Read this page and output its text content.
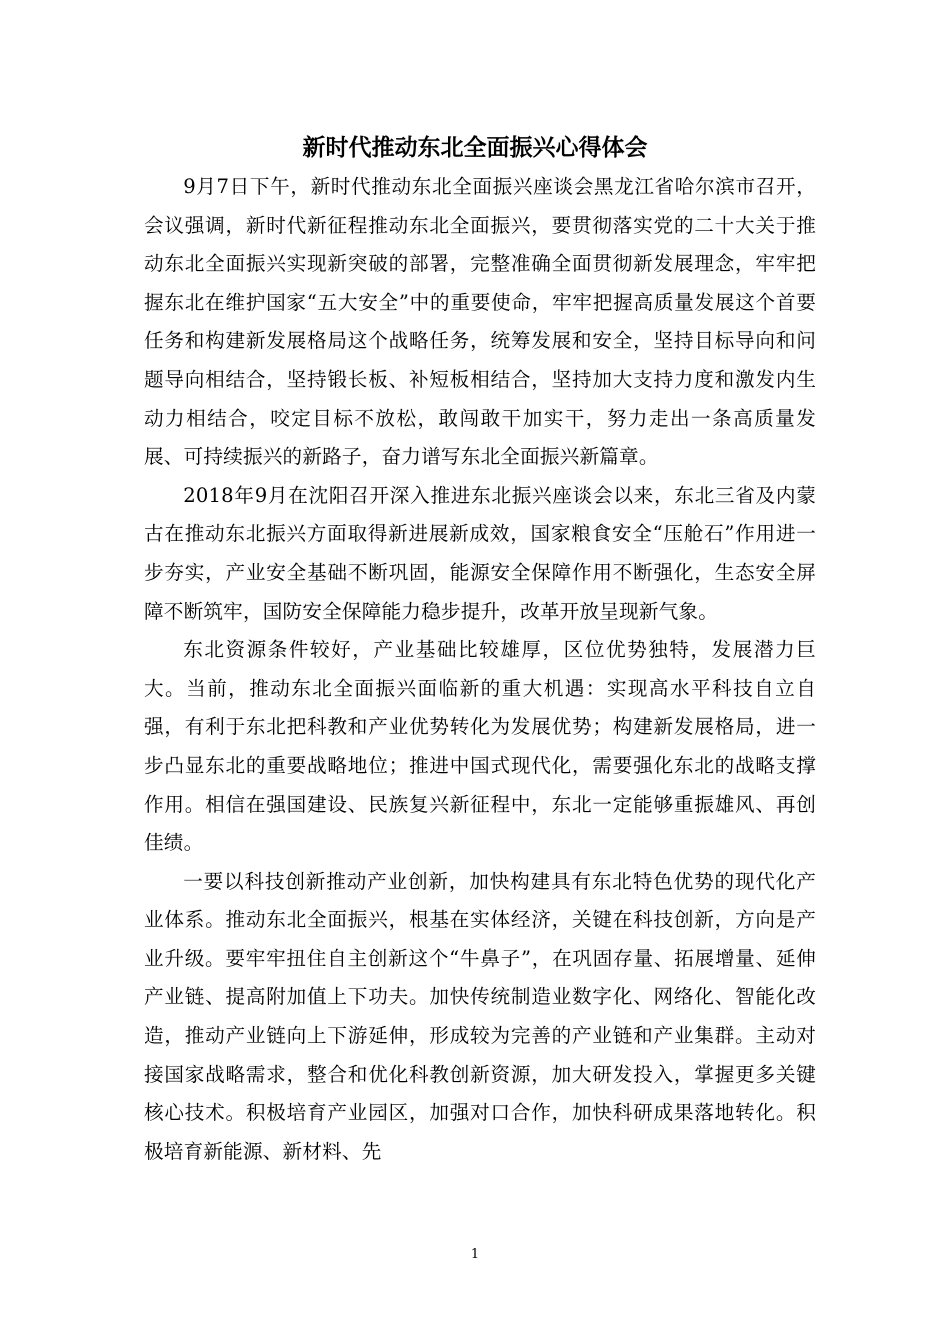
新时代推动东北全面振兴心得体会

9月7日下午，新时代推动东北全面振兴座谈会黑龙江省哈尔滨市召开，会议强调，新时代新征程推动东北全面振兴，要贯彻落实党的二十大关于推动东北全面振兴实现新突破的部署，完整准确全面贯彻新发展理念，牢牢把握东北在维护国家“五大安全”中的重要使命，牢牢把握高质量发展这个首要任务和构建新发展格局这个战略任务，统筹发展和安全，坚持目标导向和问题导向相结合，坚持锻长板、补短板相结合，坚持加大支持力度和激发内生动力相结合，咬定目标不放松，敢闯敢干加实干，努力走出一条高质量发展、可持续振兴的新路子，奋力谱写东北全面振兴新篇章。

2018年9月在沈阳召开深入推进东北振兴座谈会以来，东北三省及内蒙古在推动东北振兴方面取得新进展新成效，国家粮食安全“压舱石”作用进一步夯实，产业安全基础不断巩固，能源安全保障作用不断强化，生态安全屏障不断筑牢，国防安全保障能力稳步提升，改革开放呈现新气象。

东北资源条件较好，产业基础比较雄厚，区位优势独特，发展潜力巨大。当前，推动东北全面振兴面临新的重大机遇：实现高水平科技自立自强，有利于东北把科教和产业优势转化为发展优势；构建新发展格局，进一步凸显东北的重要战略地位；推进中国式现代化，需要强化东北的战略支撑作用。相信在强国建设、民族复兴新征程中，东北一定能够重振雄风、再创佳绩。

一要以科技创新推动产业创新，加快构建具有东北特色优势的现代化产业体系。推动东北全面振兴，根基在实体经济，关键在科技创新，方向是产业升级。要牢牢扭住自主创新这个“牛鼻子”，在巩固存量、拓展增量、延伸产业链、提高附加值上下功夫。加快传统制造业数字化、网络化、智能化改造，推动产业链向上下游延伸，形成较为完善的产业链和产业集群。主动对接国家战略需求，整合和优化科教创新资源，加大研发投入，掌握更多关键核心技术。积极培育产业园区，加强对口合作，加快科研成果落地转化。积极培育新能源、新材料、先

1
